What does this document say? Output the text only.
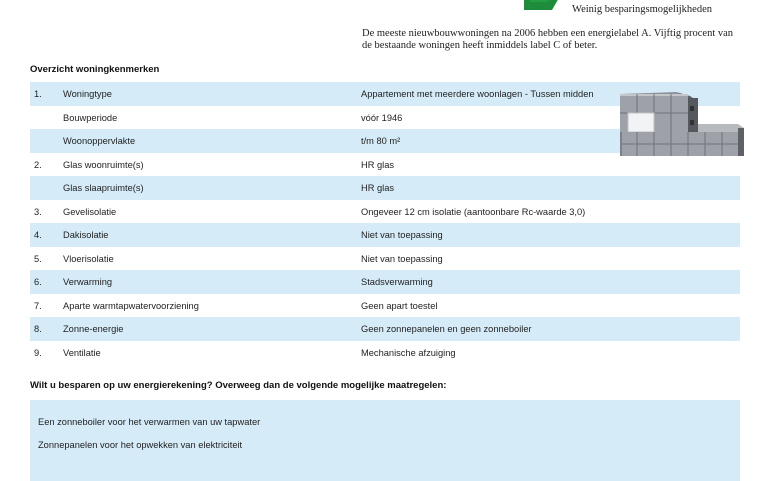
Weinig besparingsmogelijkheden
De meeste nieuwbouwwoningen na 2006 hebben een energielabel A. Vijftig procent van de bestaande woningen heeft inmiddels label C of beter.
Overzicht woningkenmerken
1. Woningtype	Appartement met meerdere woonlagen - Tussen midden
Bouwperiode	vóór 1946
Woonoppervlakte	t/m 80 m²
2. Glas woonruimte(s)	HR glas
Glas slaapruimte(s)	HR glas
3. Gevelisolatie	Ongeveer 12 cm isolatie (aantoonbare Rc-waarde 3,0)
4. Dakisolatie	Niet van toepassing
5. Vloerisolatie	Niet van toepassing
6. Verwarming	Stadsverwarming
7. Aparte warmtapwatervoorziening	Geen apart toestel
8. Zonne-energie	Geen zonnepanelen en geen zonneboiler
9. Ventilatie	Mechanische afzuiging
Wilt u besparen op uw energierekening? Overweeg dan de volgende mogelijke maatregelen:
Een zonneboiler voor het verwarmen van uw tapwater
Zonnepanelen voor het opwekken van elektriciteit
